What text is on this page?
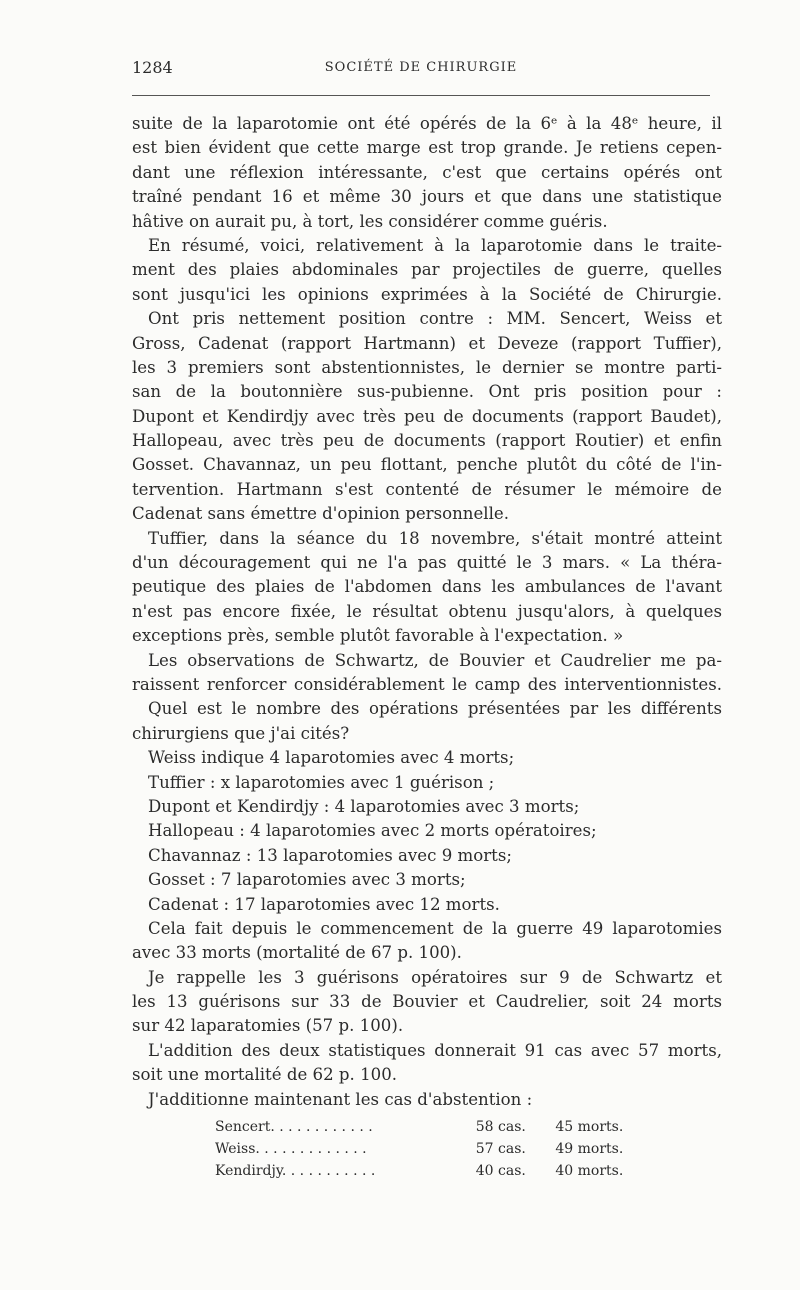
1284	SOCIÉTÉ DE CHIRURGIE
suite de la laparotomie ont été opérés de la 6ᵉ à la 48ᵉ heure, il
est bien évident que cette marge est trop grande. Je retiens cepen-
dant une réflexion intéressante, c'est que certains opérés ont
traîné pendant 16 et même 30 jours et que dans une statistique
hâtive on aurait pu, à tort, les considérer comme guéris.
En résumé, voici, relativement à la laparotomie dans le traite-
ment des plaies abdominales par projectiles de guerre, quelles
sont jusqu'ici les opinions exprimées à la Société de Chirurgie.
Ont pris nettement position contre : MM. Sencert, Weiss et
Gross, Cadenat (rapport Hartmann) et Deveze (rapport Tuffier),
les 3 premiers sont abstentionnistes, le dernier se montre parti-
san de la boutonnière sus-pubienne. Ont pris position pour :
Dupont et Kendirdjy avec très peu de documents (rapport Baudet),
Hallopeau, avec très peu de documents (rapport Routier) et enfin
Gosset. Chavannaz, un peu flottant, penche plutôt du côté de l'in-
tervention. Hartmann s'est contenté de résumer le mémoire de
Cadenat sans émettre d'opinion personnelle.
Tuffier, dans la séance du 18 novembre, s'était montré atteint
d'un découragement qui ne l'a pas quitté le 3 mars. « La théra-
peutique des plaies de l'abdomen dans les ambulances de l'avant
n'est pas encore fixée, le résultat obtenu jusqu'alors, à quelques
exceptions près, semble plutôt favorable à l'expectation. »
Les observations de Schwartz, de Bouvier et Caudrelier me pa-
raissent renforcer considérablement le camp des interventionnistes.
Quel est le nombre des opérations présentées par les différents
chirurgiens que j'ai cités?
Weiss indique 4 laparotomies avec 4 morts;
Tuffier : x laparotomies avec 1 guérison ;
Dupont et Kendirdjy : 4 laparotomies avec 3 morts;
Hallopeau : 4 laparotomies avec 2 morts opératoires;
Chavannaz : 13 laparotomies avec 9 morts;
Gosset : 7 laparotomies avec 3 morts;
Cadenat : 17 laparotomies avec 12 morts.
Cela fait depuis le commencement de la guerre 49 laparotomies
avec 33 morts (mortalité de 67 p. 100).
Je rappelle les 3 guérisons opératoires sur 9 de Schwartz et
les 13 guérisons sur 33 de Bouvier et Caudrelier, soit 24 morts
sur 42 laparatomies (57 p. 100).
L'addition des deux statistiques donnerait 91 cas avec 57 morts,
soit une mortalité de 62 p. 100.
J'additionne maintenant les cas d'abstention :
Sencert. . . . . . . . . . . .	58 cas.	45 morts.
Weiss. . . . . . . . . . . . .	57 cas.	49 morts.
Kendirdjy. . . . . . . . . . .	40 cas.	40 morts.
